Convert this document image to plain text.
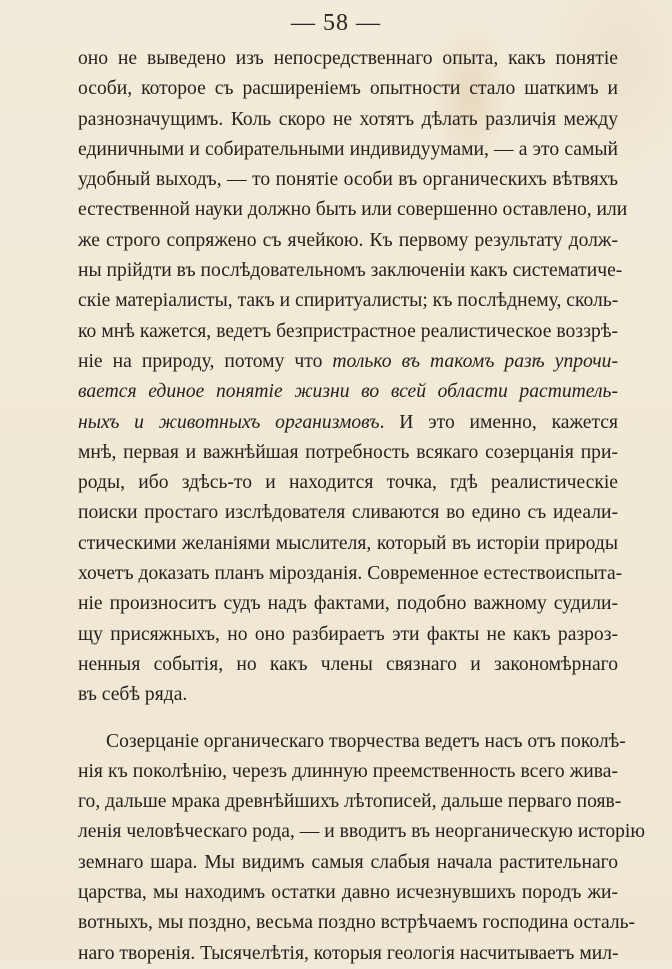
— 58 —
оно не выведено изъ непосредственнаго опыта, какъ понятіе
особи, которое съ расширеніемъ опытности стало шаткимъ и
разнозначущимъ. Коль скоро не хотятъ дѣлать различія между
единичными и собирательными индивидуумами, — а это самый
удобный выходъ, — то понятіе особи въ органическихъ вѣтвяхъ
естественной науки должно быть или совершенно оставлено, или
же строго сопряжено съ ячейкою. Къ первому результату долж-
ны прійдти въ послѣдовательномъ заключеніи какъ систематиче-
скіе матеріалисты, такъ и спиритуалисты; къ послѣднему, сколь-
ко мнѣ кажется, ведетъ безпристрастное реалистическое воззрѣ-
ніе на природу, потому что только въ такомъ разѣ упрочи-
вается единое понятіе жизни во всей области раститель-
ныхъ и животныхъ организмовъ. И это именно, кажется
мнѣ, первая и важнѣйшая потребность всякаго созерцанія при-
роды, ибо здѣсь-то и находится точка, гдѣ реалистическіе
поиски простаго изслѣдователя сливаются во едино съ идеали-
стическими желаніями мыслителя, который въ исторіи природы
хочетъ доказать планъ мірозданія. Современное естествоиспыта-
ніе произноситъ судъ надъ фактами, подобно важному судили-
щу присяжныхъ, но оно разбираетъ эти факты не какъ разроз-
ненныя событія, но какъ члены связнаго и закономѣрнаго
въ себѣ ряда.
Созерцаніе органическаго творчества ведетъ насъ отъ поколѣ-
нія къ поколѣнію, черезъ длинную преемственность всего жива-
го, дальше мрака древнѣйшихъ лѣтописей, дальше перваго появ-
ленія человѣческаго рода, — и вводитъ въ неорганическую исторію
земнаго шара. Мы видимъ самыя слабыя начала растительнаго
царства, мы находимъ остатки давно исчезнувшихъ породъ жи-
вотныхъ, мы поздно, весьма поздно встрѣчаемъ господина осталь-
наго творенія. Тысячелѣтія, которыя геологія насчитываетъ мил-
